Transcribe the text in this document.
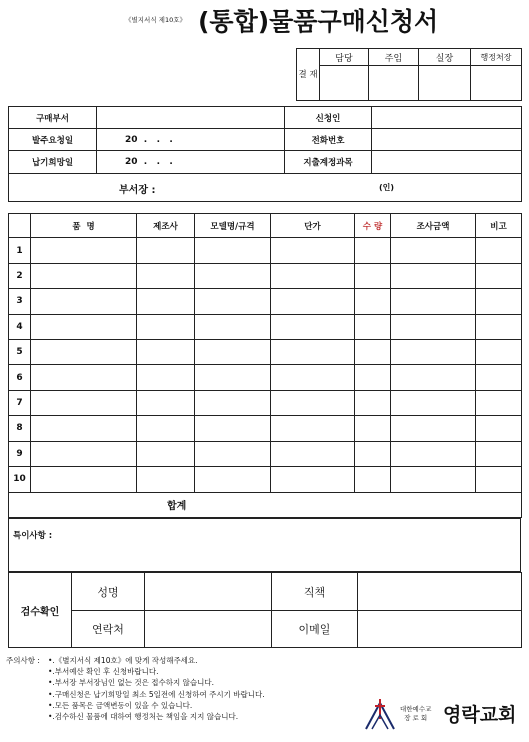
《별지서식 제10호》 (통합)물품구매신청서
결 재	담당	주임	실장	행정처장

구매부서		신청인	
발주요청일	20  .   .   .	전화번호	
납기희망일	20  .   .   .	지출계정과목	

부서장 : (인)			
	품  명	제조사	모델명/규격	단가	수 량	조사금액	비고
1							
2							
3							
4							
5							
6							
7							
8							
9							
10							
합계							
특이사항 :
검수확인	성명		직책	
	연락처		이메일	
주의사항 :	•.《별지서식 제10호》에 맞게 작성해주세요.
•.부서예산 확인 후 신청바랍니다.
•.부서장 부서장님인 없는 것은 접수하지 않습니다.
•.구매신청은 납기희망일 최소 5일전에 신청하여 주시기 바랍니다.
•.모든 품목은 금액변동이 있을 수 있습니다.
•.검수하신 물품에 대하여 행정처는 책임을 지지 않습니다.
대한예수교
장 로 회 영락교회
